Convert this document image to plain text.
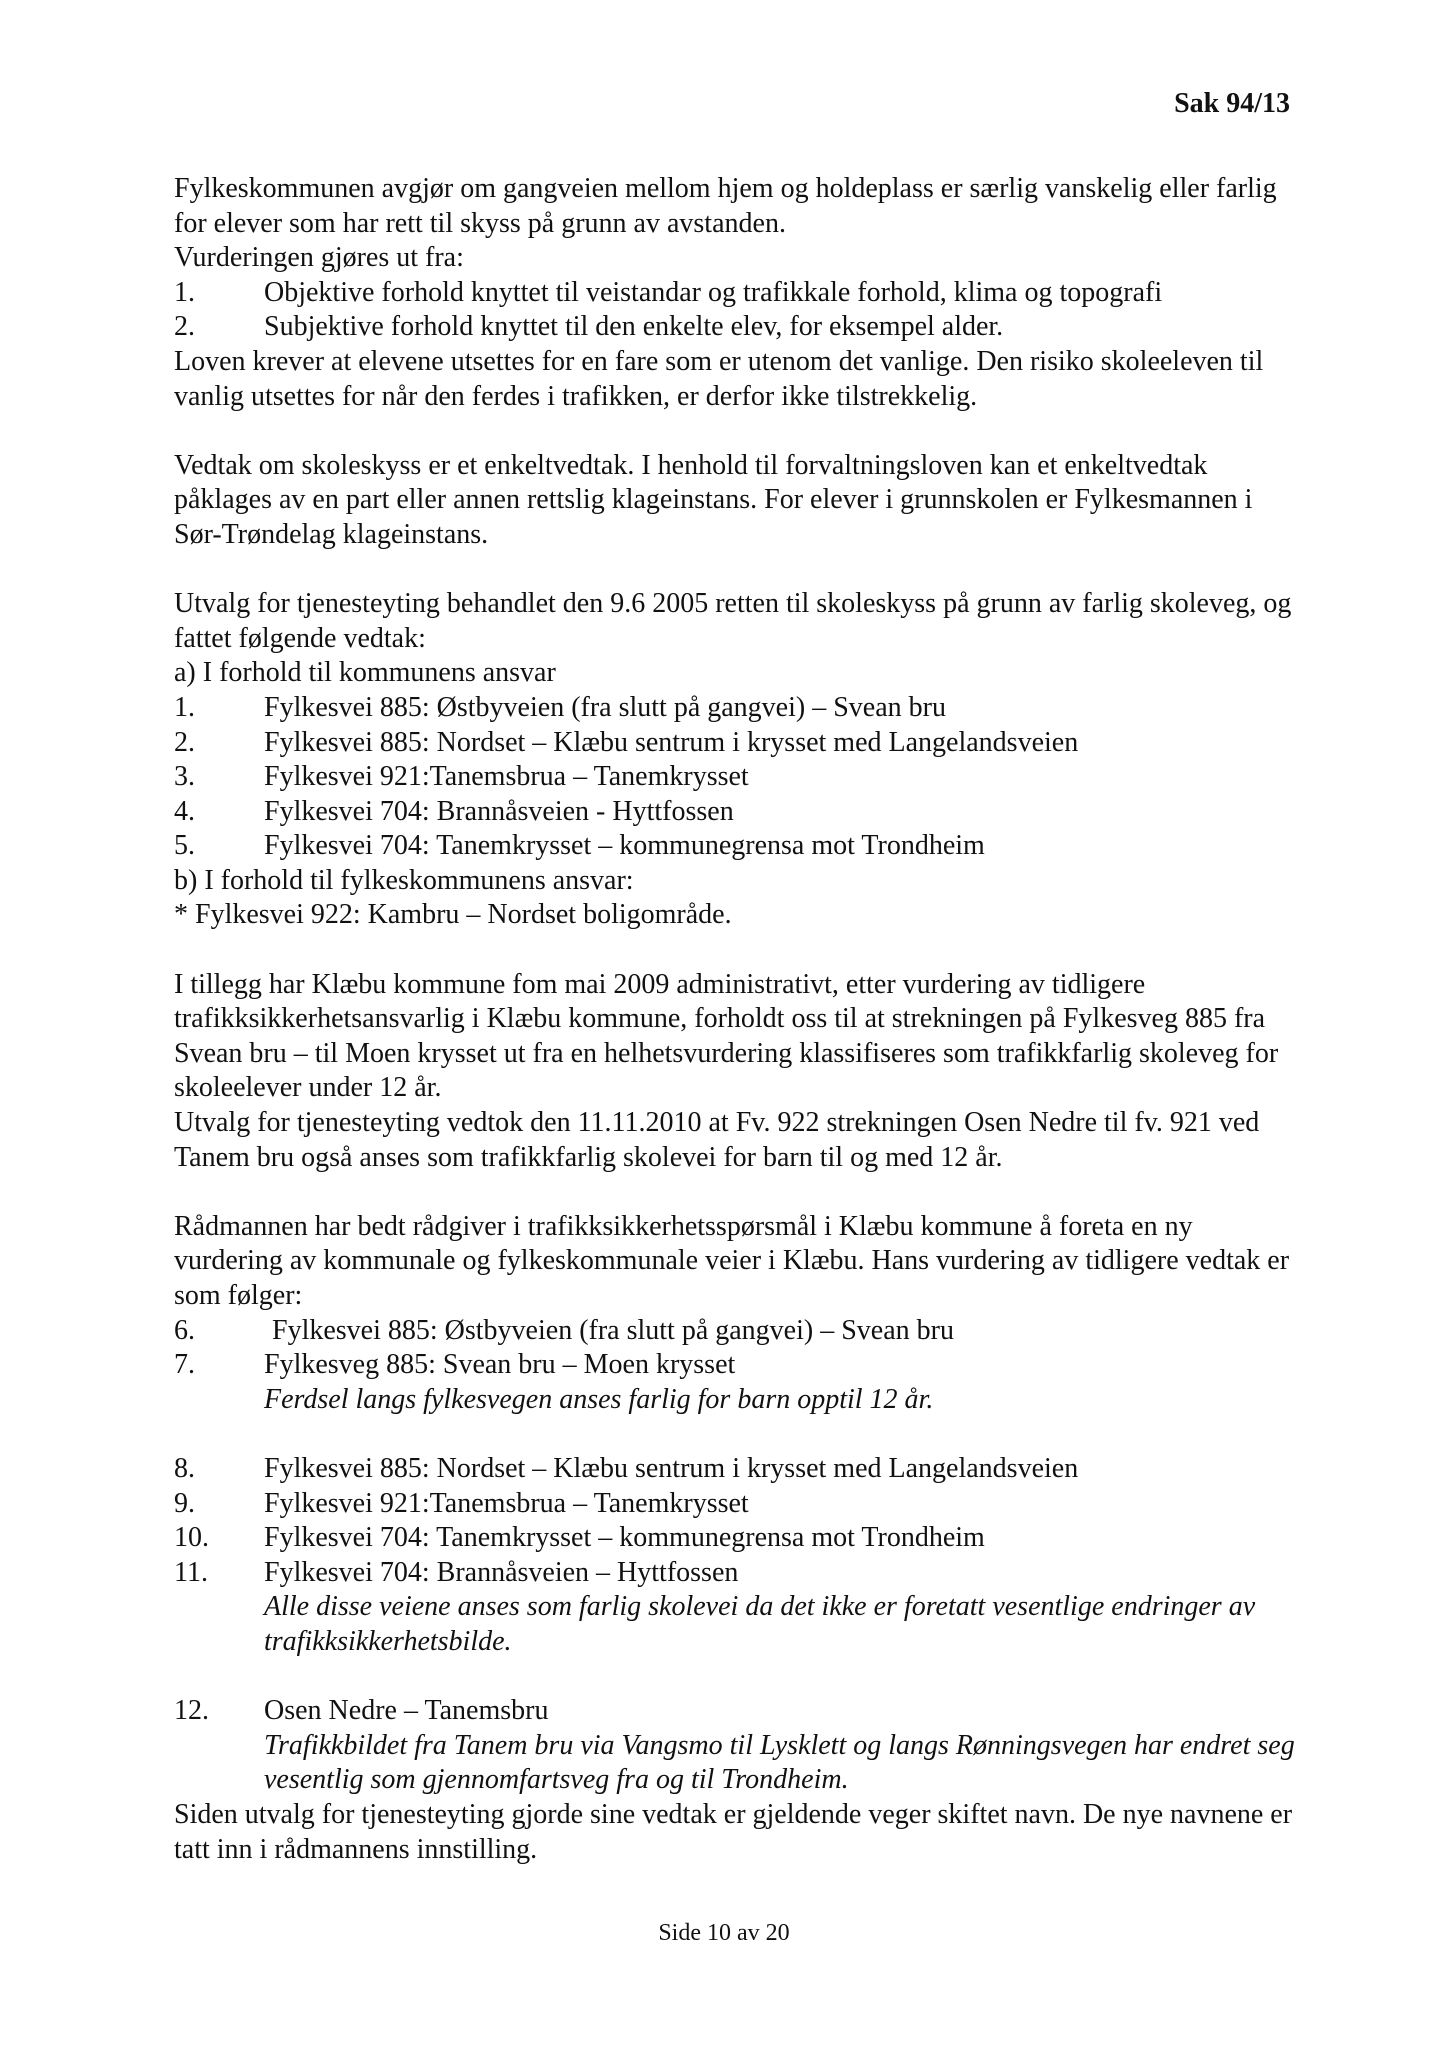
Sak 94/13

Fylkeskommunen avgjør om gangveien mellom hjem og holdeplass er særlig vanskelig eller farlig for elever som har rett til skyss på grunn av avstanden.

Vurderingen gjøres ut fra:

1.	Objektive forhold knyttet til veistandar og trafikkale forhold, klima og topografi
2.	Subjektive forhold knyttet til den enkelte elev, for eksempel alder.

Loven krever at elevene utsettes for en fare som er utenom det vanlige. Den risiko skoleeleven til vanlig utsettes for når den ferdes i trafikken, er derfor ikke tilstrekkelig.

Vedtak om skoleskyss er et enkeltvedtak. I henhold til forvaltningsloven kan et enkeltvedtak påklages av en part eller annen rettslig klageinstans. For elever i grunnskolen er Fylkesmannen i Sør-Trøndelag klageinstans.

Utvalg for tjenesteyting behandlet den 9.6 2005 retten til skoleskyss på grunn av farlig skoleveg, og fattet følgende vedtak:

a) I forhold til kommunens ansvar

1.	Fylkesvei 885: Østbyveien (fra slutt på gangvei) – Svean bru
2.	Fylkesvei 885: Nordset – Klæbu sentrum i krysset med Langelandsveien
3.	Fylkesvei 921:Tanemsbrua – Tanemkrysset
4.	Fylkesvei 704: Brannåsveien - Hyttfossen
5.	Fylkesvei 704: Tanemkrysset – kommunegrensa mot Trondheim

b) I forhold til fylkeskommunens ansvar:

* Fylkesvei 922: Kambru – Nordset boligområde.

I tillegg har Klæbu kommune fom mai 2009 administrativt, etter vurdering av tidligere trafikksikkerhetsansvarlig i Klæbu kommune, forholdt oss til at strekningen på Fylkesveg 885 fra Svean bru – til Moen krysset ut fra en helhetsvurdering klassifiseres som trafikkfarlig skoleveg for skoleelever under 12 år.

Utvalg for tjenesteyting vedtok den 11.11.2010 at Fv. 922 strekningen Osen Nedre til fv. 921 ved Tanem bru også anses som trafikkfarlig skolevei for barn til og med 12 år.

Rådmannen har bedt rådgiver i trafikksikkerhetsspørsmål i Klæbu kommune å foreta en ny vurdering av kommunale og fylkeskommunale veier i Klæbu. Hans vurdering av tidligere vedtak er som følger:

6.	Fylkesvei 885: Østbyveien (fra slutt på gangvei) – Svean bru
7.	Fylkesveg 885: Svean bru – Moen krysset

Ferdsel langs fylkesvegen anses farlig for barn opptil 12 år.

8.	Fylkesvei 885: Nordset – Klæbu sentrum i krysset med Langelandsveien
9.	Fylkesvei 921:Tanemsbrua – Tanemkrysset
10.	Fylkesvei 704: Tanemkrysset – kommunegrensa mot Trondheim
11.	Fylkesvei 704: Brannåsveien – Hyttfossen

Alle disse veiene anses som farlig skolevei da det ikke er foretatt vesentlige endringer av trafikksikkerhetsbilde.

12.	Osen Nedre – Tanemsbru

Trafikkbildet fra Tanem bru via Vangsmo til Lysklett og langs Rønningsvegen har endret seg vesentlig som gjennomfartsveg fra og til Trondheim.

Siden utvalg for tjenesteyting gjorde sine vedtak er gjeldende veger skiftet navn. De nye navnene er tatt inn i rådmannens innstilling.

Side 10 av 20
